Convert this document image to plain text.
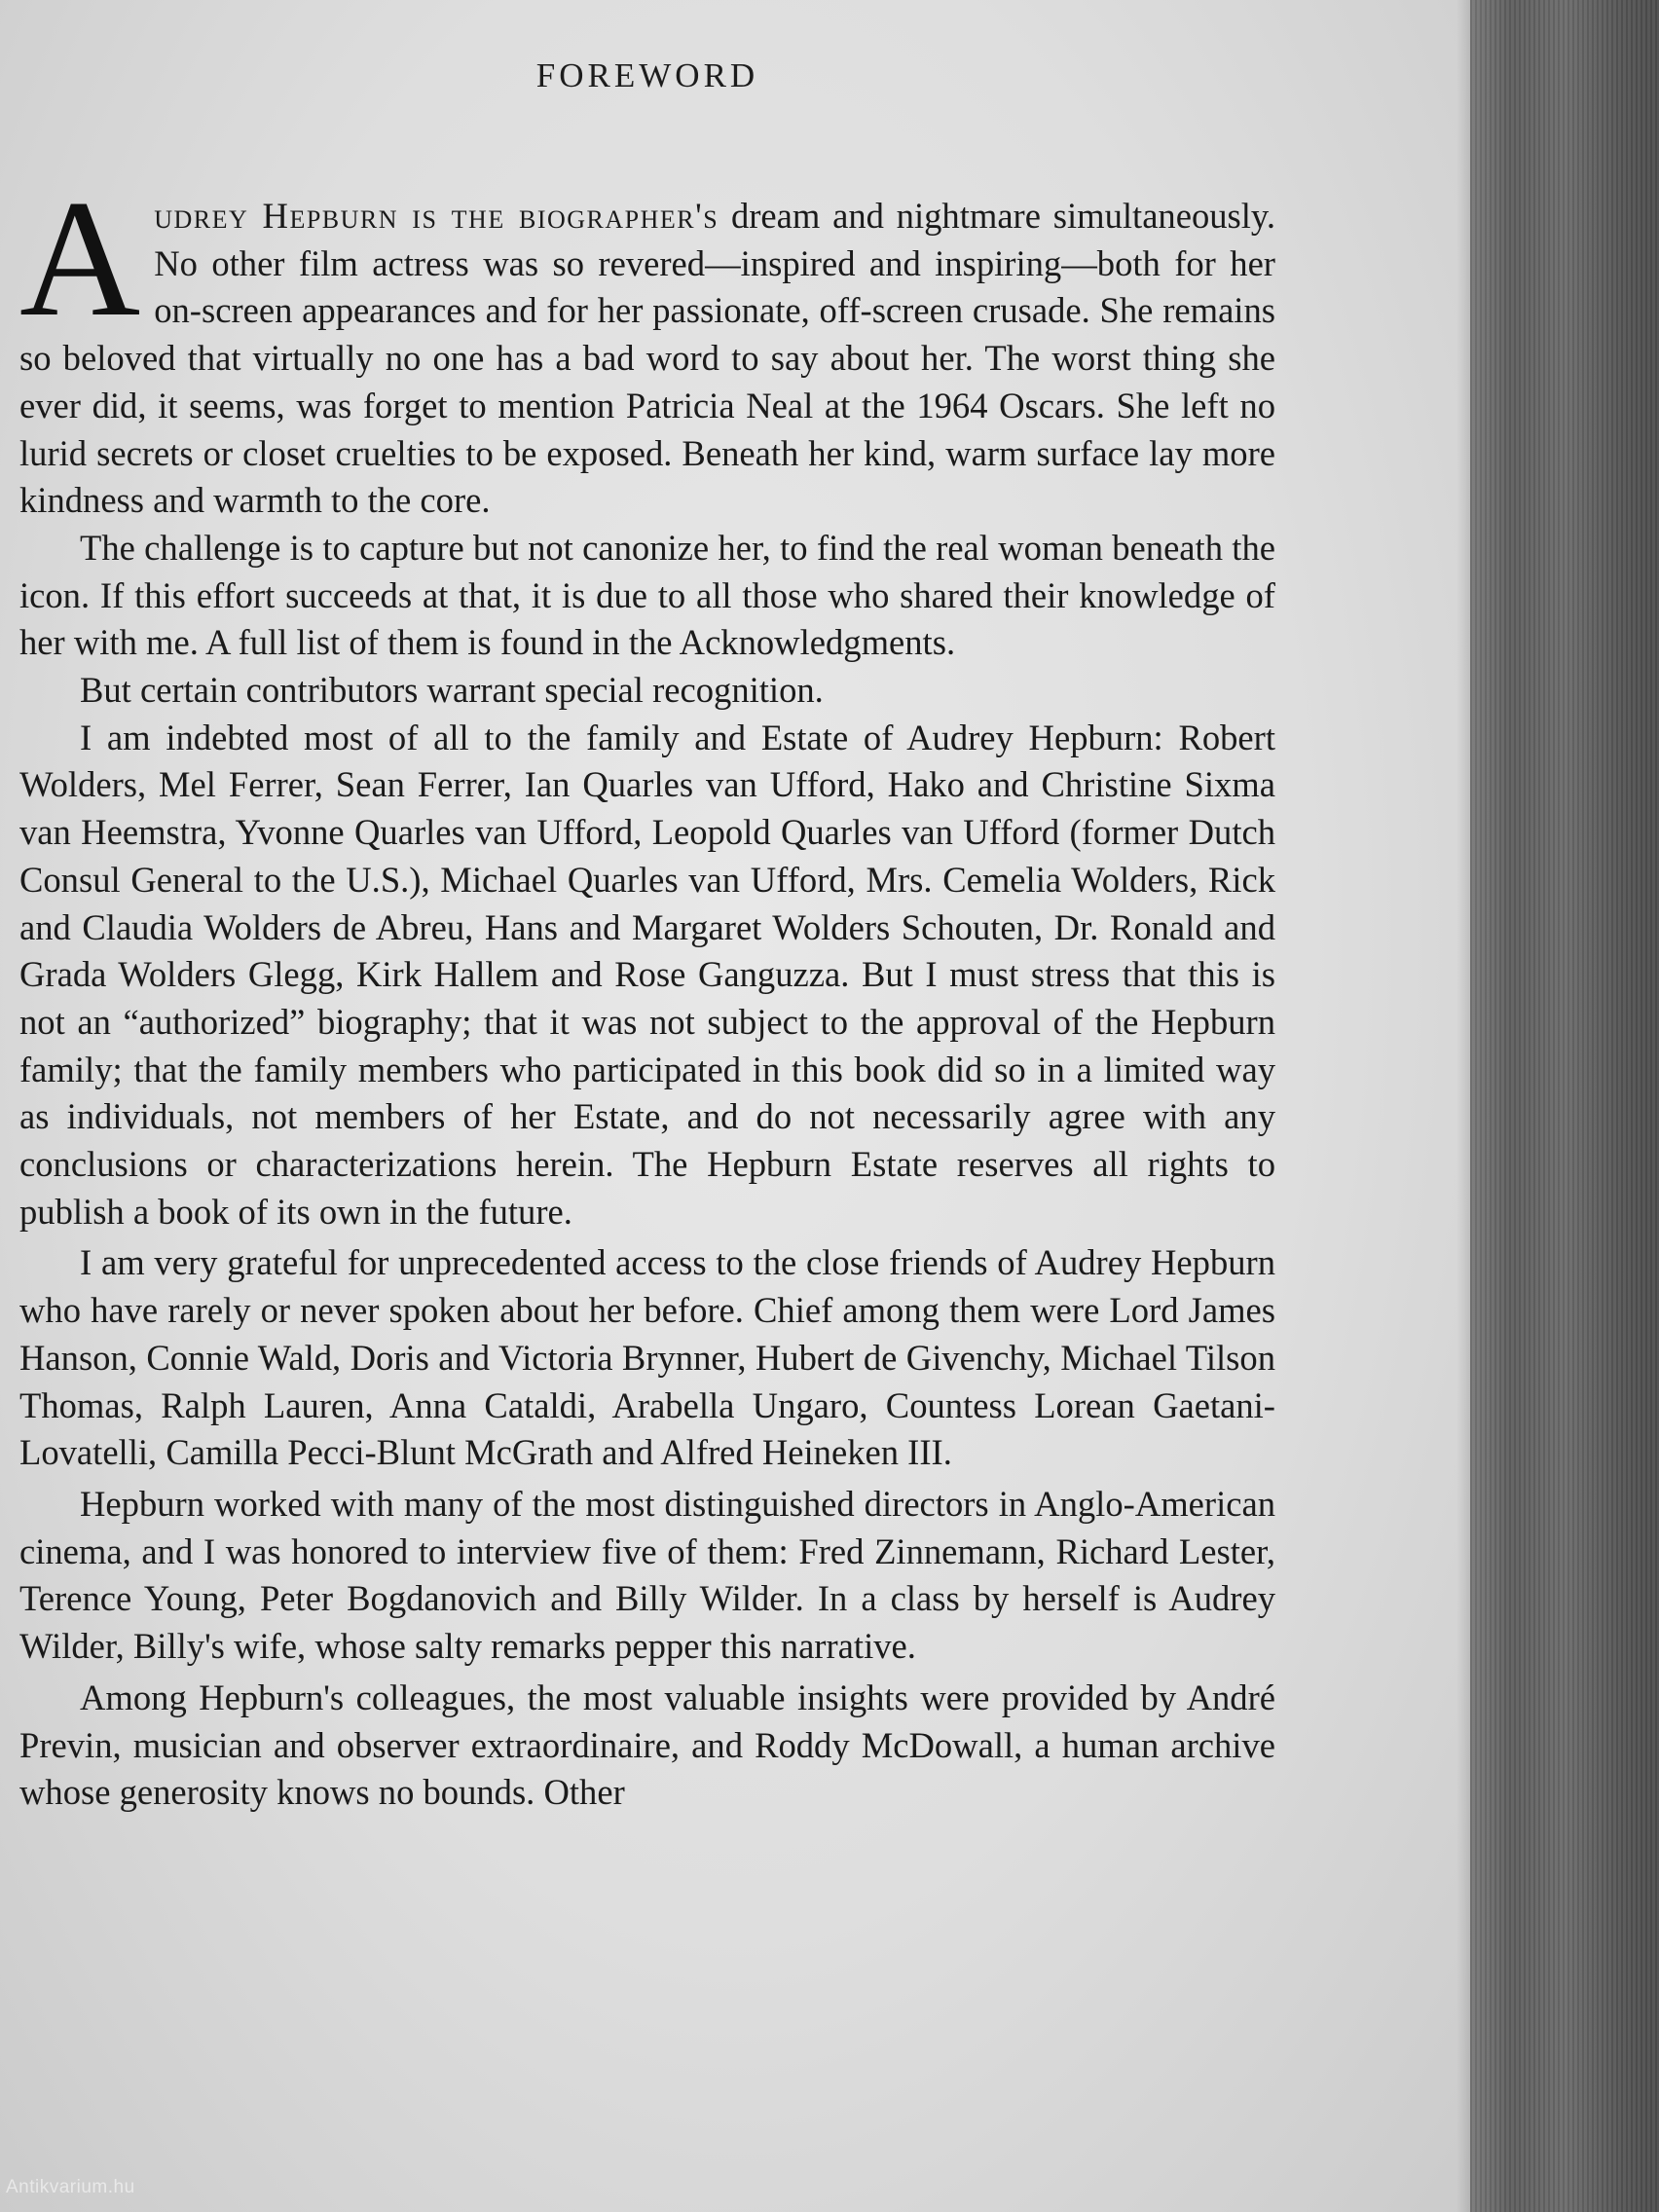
FOREWORD

Audrey Hepburn is the biographer's dream and nightmare simultaneously. No other film actress was so revered—inspired and inspiring—both for her on-screen appearances and for her passionate, off-screen crusade. She remains so beloved that virtually no one has a bad word to say about her. The worst thing she ever did, it seems, was forget to mention Patricia Neal at the 1964 Oscars. She left no lurid secrets or closet cruelties to be exposed. Beneath her kind, warm surface lay more kindness and warmth to the core.

The challenge is to capture but not canonize her, to find the real woman beneath the icon. If this effort succeeds at that, it is due to all those who shared their knowledge of her with me. A full list of them is found in the Acknowledgments.

But certain contributors warrant special recognition.

I am indebted most of all to the family and Estate of Audrey Hepburn: Robert Wolders, Mel Ferrer, Sean Ferrer, Ian Quarles van Ufford, Hako and Christine Sixma van Heemstra, Yvonne Quarles van Ufford, Leopold Quarles van Ufford (former Dutch Consul General to the U.S.), Michael Quarles van Ufford, Mrs. Cemelia Wolders, Rick and Claudia Wolders de Abreu, Hans and Margaret Wolders Schouten, Dr. Ronald and Grada Wolders Glegg, Kirk Hallem and Rose Ganguzza. But I must stress that this is not an “authorized” biography; that it was not subject to the approval of the Hepburn family; that the family members who participated in this book did so in a limited way as individuals, not members of her Estate, and do not necessarily agree with any conclusions or characterizations herein. The Hepburn Estate reserves all rights to publish a book of its own in the future.

I am very grateful for unprecedented access to the close friends of Audrey Hepburn who have rarely or never spoken about her before. Chief among them were Lord James Hanson, Connie Wald, Doris and Victoria Brynner, Hubert de Givenchy, Michael Tilson Thomas, Ralph Lauren, Anna Cataldi, Arabella Ungaro, Countess Lorean Gaetani-Lovatelli, Camilla Pecci-Blunt McGrath and Alfred Heineken III.

Hepburn worked with many of the most distinguished directors in Anglo-American cinema, and I was honored to interview five of them: Fred Zinnemann, Richard Lester, Terence Young, Peter Bogdanovich and Billy Wilder. In a class by herself is Audrey Wilder, Billy's wife, whose salty remarks pepper this narrative.

Among Hepburn's colleagues, the most valuable insights were provided by André Previn, musician and observer extraordinaire, and Roddy McDowall, a human archive whose generosity knows no bounds. Other

Antikvarium.hu
